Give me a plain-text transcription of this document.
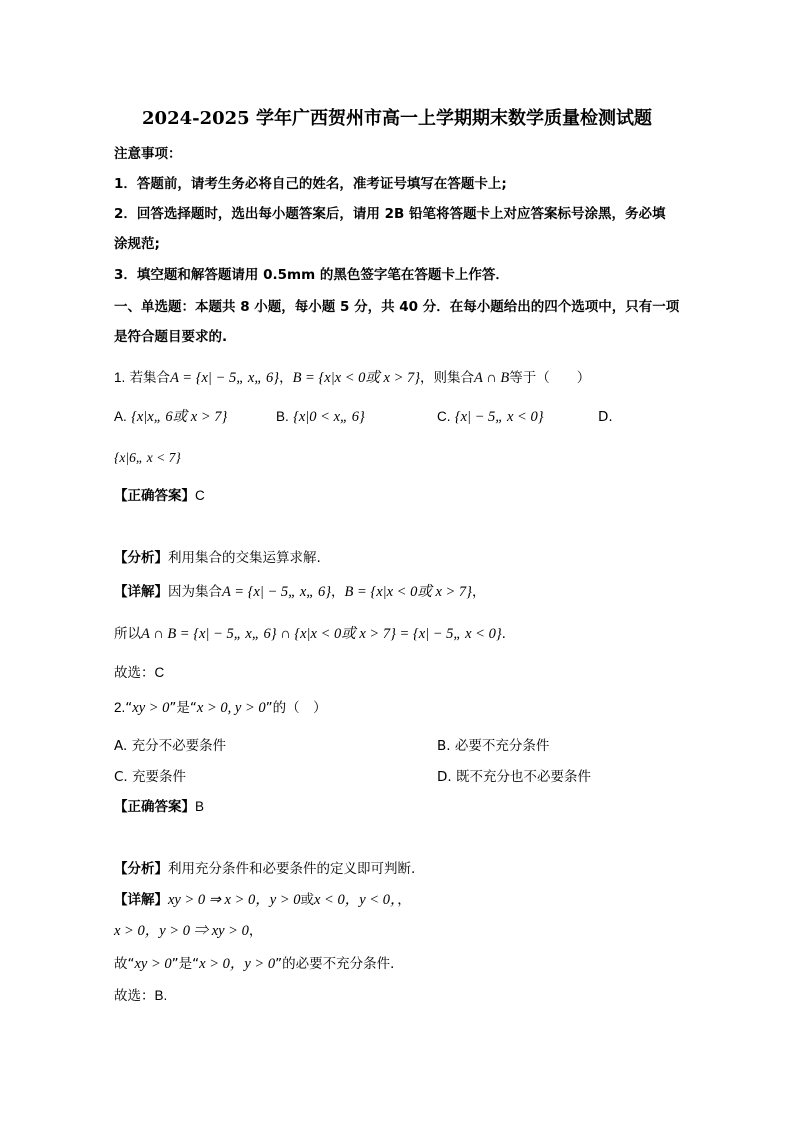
2024-2025 学年广西贺州市高一上学期期末数学质量检测试题
注意事项：
1．答题前，请考生务必将自己的姓名，准考证号填写在答题卡上;
2．回答选择题时，选出每小题答案后，请用 2B 铅笔将答题卡上对应答案标号涂黑，务必填
涂规范;
3．填空题和解答题请用 0.5mm 的黑色签字笔在答题卡上作答．
一、单选题：本题共 8 小题，每小题 5 分，共 40 分．在每小题给出的四个选项中，只有一项
是符合题目要求的.
1. 若集合A = {x| − 5„ x„ 6}，B = {x|x < 0或 x > 7}，则集合A ∩ B等于（　　）
A. {x|x„ 6或 x > 7}	B. {x|0 < x„ 6}	C. {x| − 5„ x < 0}	D.
{x|6„ x < 7}
【正确答案】C
【分析】利用集合的交集运算求解.
【详解】因为集合A = {x| − 5„ x„ 6}，B = {x|x < 0或 x > 7}，
所以A ∩ B = {x| − 5„ x„ 6} ∩ {x|x < 0或 x > 7} = {x| − 5„ x < 0}.
故选：C
2.“xy > 0”是“x > 0, y > 0”的（　）
A. 充分不必要条件	B. 必要不充分条件
C. 充要条件	D. 既不充分也不必要条件
【正确答案】B
【分析】利用充分条件和必要条件的定义即可判断.
【详解】xy > 0 ⇒ x > 0，y > 0或x < 0，y < 0，，
x > 0，y > 0 ⇒ xy > 0，
故“xy > 0”是“x > 0，y > 0”的必要不充分条件．
故选：B.
